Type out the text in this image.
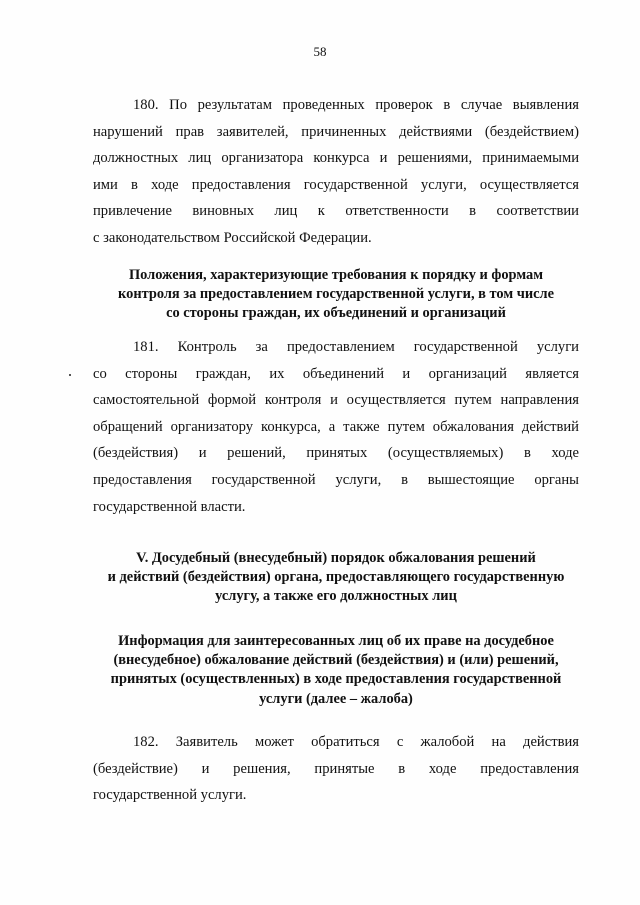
58
180. По результатам проведенных проверок в случае выявления
нарушений прав заявителей, причиненных действиями (бездействием)
должностных лиц организатора конкурса и решениями, принимаемыми
ими в ходе предоставления государственной услуги, осуществляется
привлечение виновных лиц к ответственности в соответствии
с законодательством Российской Федерации.
Положения, характеризующие требования к порядку и формам
контроля за предоставлением государственной услуги, в том числе
со стороны граждан, их объединений и организаций
181. Контроль за предоставлением государственной услуги
со стороны граждан, их объединений и организаций является
самостоятельной формой контроля и осуществляется путем направления
обращений организатору конкурса, а также путем обжалования действий
(бездействия) и решений, принятых (осуществляемых) в ходе
предоставления государственной услуги, в вышестоящие органы
государственной власти.
V. Досудебный (внесудебный) порядок обжалования решений
и действий (бездействия) органа, предоставляющего государственную
услугу, а также его должностных лиц
Информация для заинтересованных лиц об их праве на досудебное
(внесудебное) обжалование действий (бездействия) и (или) решений,
принятых (осуществленных) в ходе предоставления государственной
услуги (далее – жалоба)
182. Заявитель может обратиться с жалобой на действия
(бездействие) и решения, принятые в ходе предоставления
государственной услуги.
